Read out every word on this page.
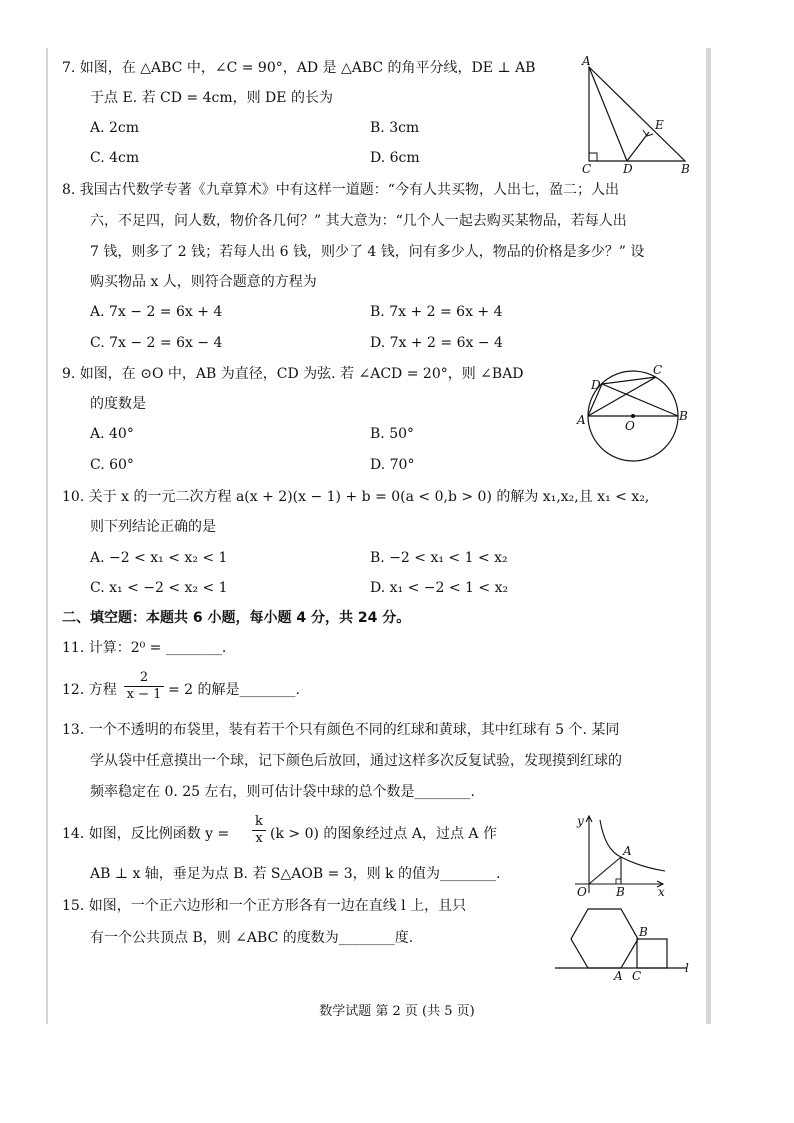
7. 如图，在 △ABC 中，∠C = 90°，AD 是 △ABC 的角平分线，DE ⊥ AB
于点 E. 若 CD = 4cm，则 DE 的长为
A. 2cm	B. 3cm
C. 4cm	D. 6cm
A
E
C	D	B
8. 我国古代数学专著《九章算术》中有这样一道题：“今有人共买物，人出七，盈二；人出
六，不足四，问人数，物价各几何？” 其大意为：“几个人一起去购买某物品，若每人出
7 钱，则多了 2 钱；若每人出 6 钱，则少了 4 钱，问有多少人，物品的价格是多少？” 设
购买物品 x 人，则符合题意的方程为
A. 7x − 2 = 6x + 4	B. 7x + 2 = 6x + 4
C. 7x − 2 = 6x − 4	D. 7x + 2 = 6x − 4
9. 如图，在 ⊙O 中，AB 为直径，CD 为弦. 若 ∠ACD = 20°，则 ∠BAD
的度数是
A. 40°	B. 50°
C. 60°	D. 70°
D
C
A	O
B
10. 关于 x 的一元二次方程 a(x + 2)(x − 1) + b = 0(a < 0,b > 0) 的解为 x₁,x₂,且 x₁ < x₂,
则下列结论正确的是
A. −2 < x₁ < x₂ < 1	B. −2 < x₁ < 1 < x₂
C. x₁ < −2 < x₂ < 1	D. x₁ < −2 < 1 < x₂
二、填空题：本题共 6 小题，每小题 4 分，共 24 分。
11. 计算：2⁰ = ________.
12. 方程 $\frac{2}{x - 1} = 2$ 的解是________.
13. 一个不透明的布袋里，装有若干个只有颜色不同的红球和黄球，其中红球有 5 个. 某同
学从袋中任意摸出一个球，记下颜色后放回，通过这样多次反复试验，发现摸到红球的
频率稳定在 0. 25 左右，则可估计袋中球的总个数是________.
14. 如图，反比例函数 $y = \frac{k}{x} (k > 0)$ 的图象经过点 A，过点 A 作
AB ⊥ x 轴，垂足为点 B. 若 S△AOB = 3，则 k 的值为________.
y
A
O B	x
15. 如图，一个正六边形和一个正方形各有一边在直线 l 上，且只
有一个公共顶点 B，则 ∠ABC 的度数为________度.	B
A C
l
数学试题 第 2 页 (共 5 页)
